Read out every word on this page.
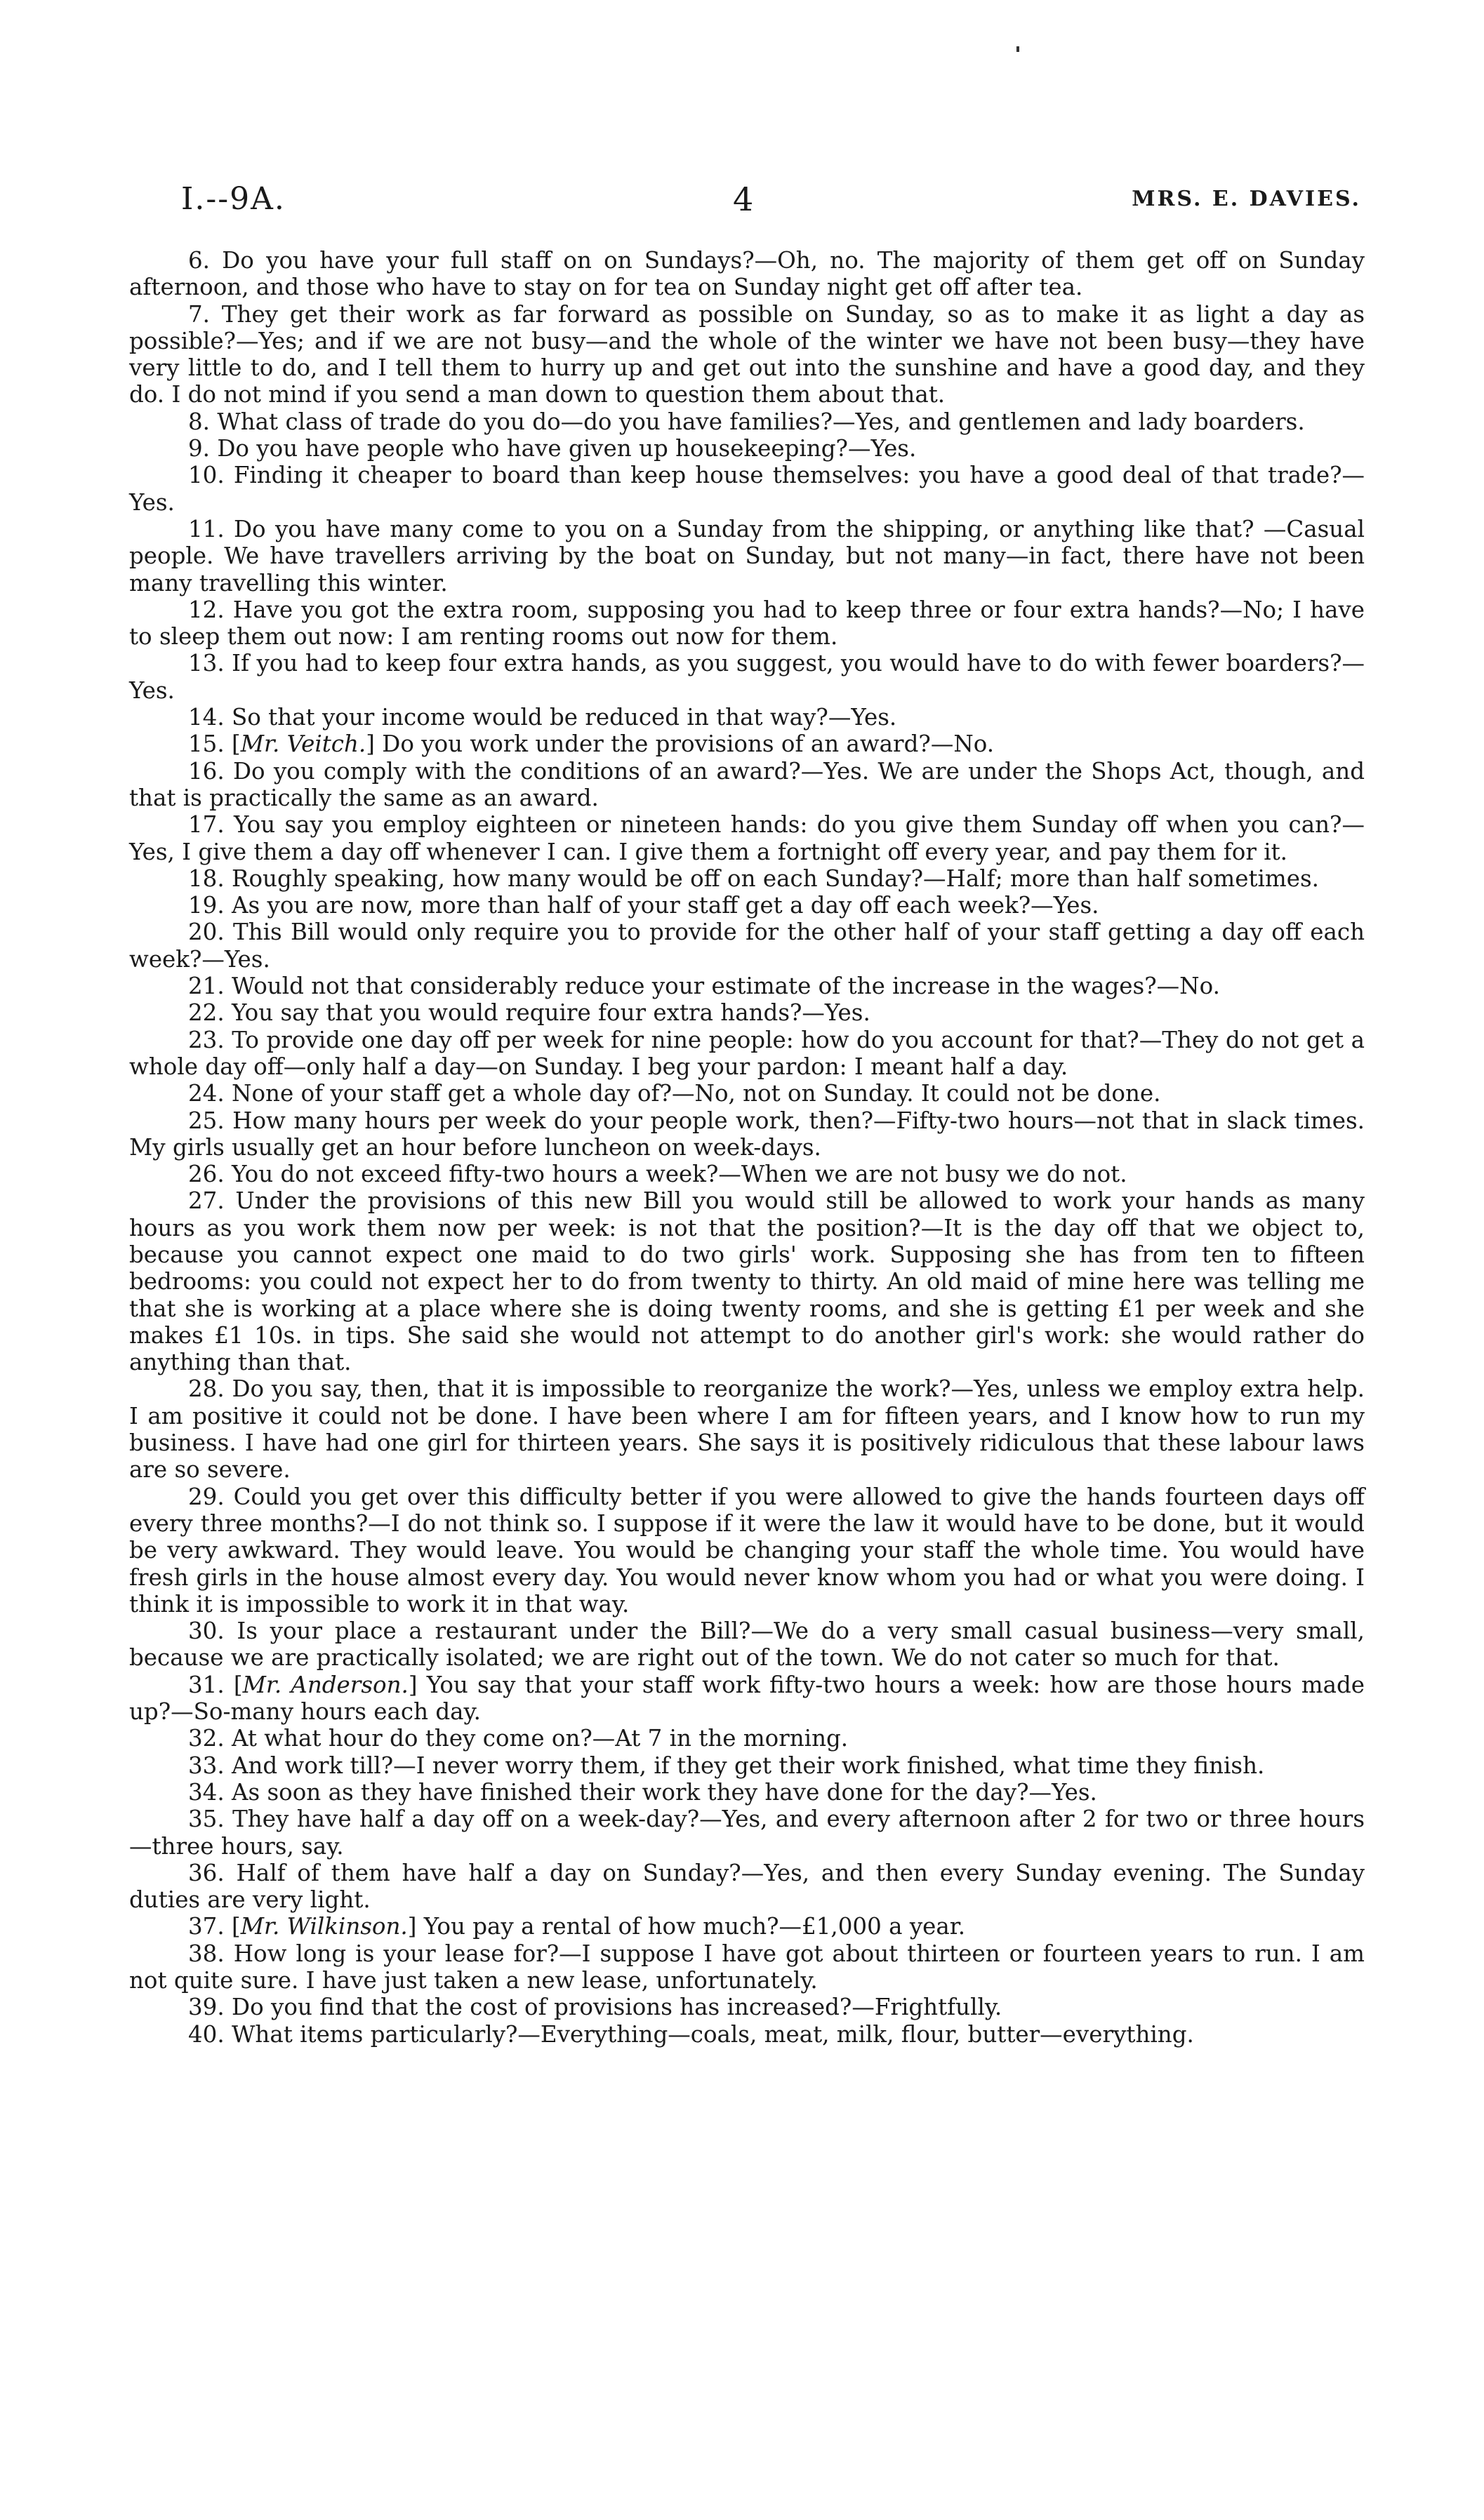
I.--9A.	4	MRS. E. DAVIES.

6. Do you have your full staff on on Sundays?—Oh, no. The majority of them get off on Sunday afternoon, and those who have to stay on for tea on Sunday night get off after tea.

7. They get their work as far forward as possible on Sunday, so as to make it as light a day as possible?—Yes; and if we are not busy—and the whole of the winter we have not been busy—they have very little to do, and I tell them to hurry up and get out into the sunshine and have a good day, and they do. I do not mind if you send a man down to question them about that.

8. What class of trade do you do—do you have families?—Yes, and gentlemen and lady boarders.

9. Do you have people who have given up housekeeping?—Yes.

10. Finding it cheaper to board than keep house themselves: you have a good deal of that trade?—Yes.

11. Do you have many come to you on a Sunday from the shipping, or anything like that? —Casual people. We have travellers arriving by the boat on Sunday, but not many—in fact, there have not been many travelling this winter.

12. Have you got the extra room, supposing you had to keep three or four extra hands?—No; I have to sleep them out now: I am renting rooms out now for them.

13. If you had to keep four extra hands, as you suggest, you would have to do with fewer boarders?—Yes.

14. So that your income would be reduced in that way?—Yes.

15. [Mr. Veitch.] Do you work under the provisions of an award?—No.

16. Do you comply with the conditions of an award?—Yes. We are under the Shops Act, though, and that is practically the same as an award.

17. You say you employ eighteen or nineteen hands: do you give them Sunday off when you can?—Yes, I give them a day off whenever I can. I give them a fortnight off every year, and pay them for it.

18. Roughly speaking, how many would be off on each Sunday?—Half; more than half sometimes.

19. As you are now, more than half of your staff get a day off each week?—Yes.

20. This Bill would only require you to provide for the other half of your staff getting a day off each week?—Yes.

21. Would not that considerably reduce your estimate of the increase in the wages?—No.

22. You say that you would require four extra hands?—Yes.

23. To provide one day off per week for nine people: how do you account for that?—They do not get a whole day off—only half a day—on Sunday. I beg your pardon: I meant half a day.

24. None of your staff get a whole day of?—No, not on Sunday. It could not be done.

25. How many hours per week do your people work, then?—Fifty-two hours—not that in slack times. My girls usually get an hour before luncheon on week-days.

26. You do not exceed fifty-two hours a week?—When we are not busy we do not.

27. Under the provisions of this new Bill you would still be allowed to work your hands as many hours as you work them now per week: is not that the position?—It is the day off that we object to, because you cannot expect one maid to do two girls' work. Supposing she has from ten to fifteen bedrooms: you could not expect her to do from twenty to thirty. An old maid of mine here was telling me that she is working at a place where she is doing twenty rooms, and she is getting £1 per week and she makes £1 10s. in tips. She said she would not attempt to do another girl's work: she would rather do anything than that.

28. Do you say, then, that it is impossible to reorganize the work?—Yes, unless we employ extra help. I am positive it could not be done. I have been where I am for fifteen years, and I know how to run my business. I have had one girl for thirteen years. She says it is positively ridiculous that these labour laws are so severe.

29. Could you get over this difficulty better if you were allowed to give the hands fourteen days off every three months?—I do not think so. I suppose if it were the law it would have to be done, but it would be very awkward. They would leave. You would be changing your staff the whole time. You would have fresh girls in the house almost every day. You would never know whom you had or what you were doing. I think it is impossible to work it in that way.

30. Is your place a restaurant under the Bill?—We do a very small casual business—very small, because we are practically isolated; we are right out of the town. We do not cater so much for that.

31. [Mr. Anderson.] You say that your staff work fifty-two hours a week: how are those hours made up?—So-many hours each day.

32. At what hour do they come on?—At 7 in the morning.

33. And work till?—I never worry them, if they get their work finished, what time they finish.

34. As soon as they have finished their work they have done for the day?—Yes.

35. They have half a day off on a week-day?—Yes, and every afternoon after 2 for two or three hours—three hours, say.

36. Half of them have half a day on Sunday?—Yes, and then every Sunday evening. The Sunday duties are very light.

37. [Mr. Wilkinson.] You pay a rental of how much?—£1,000 a year.

38. How long is your lease for?—I suppose I have got about thirteen or fourteen years to run. I am not quite sure. I have just taken a new lease, unfortunately.

39. Do you find that the cost of provisions has increased?—Frightfully.

40. What items particularly?—Everything—coals, meat, milk, flour, butter—everything.
